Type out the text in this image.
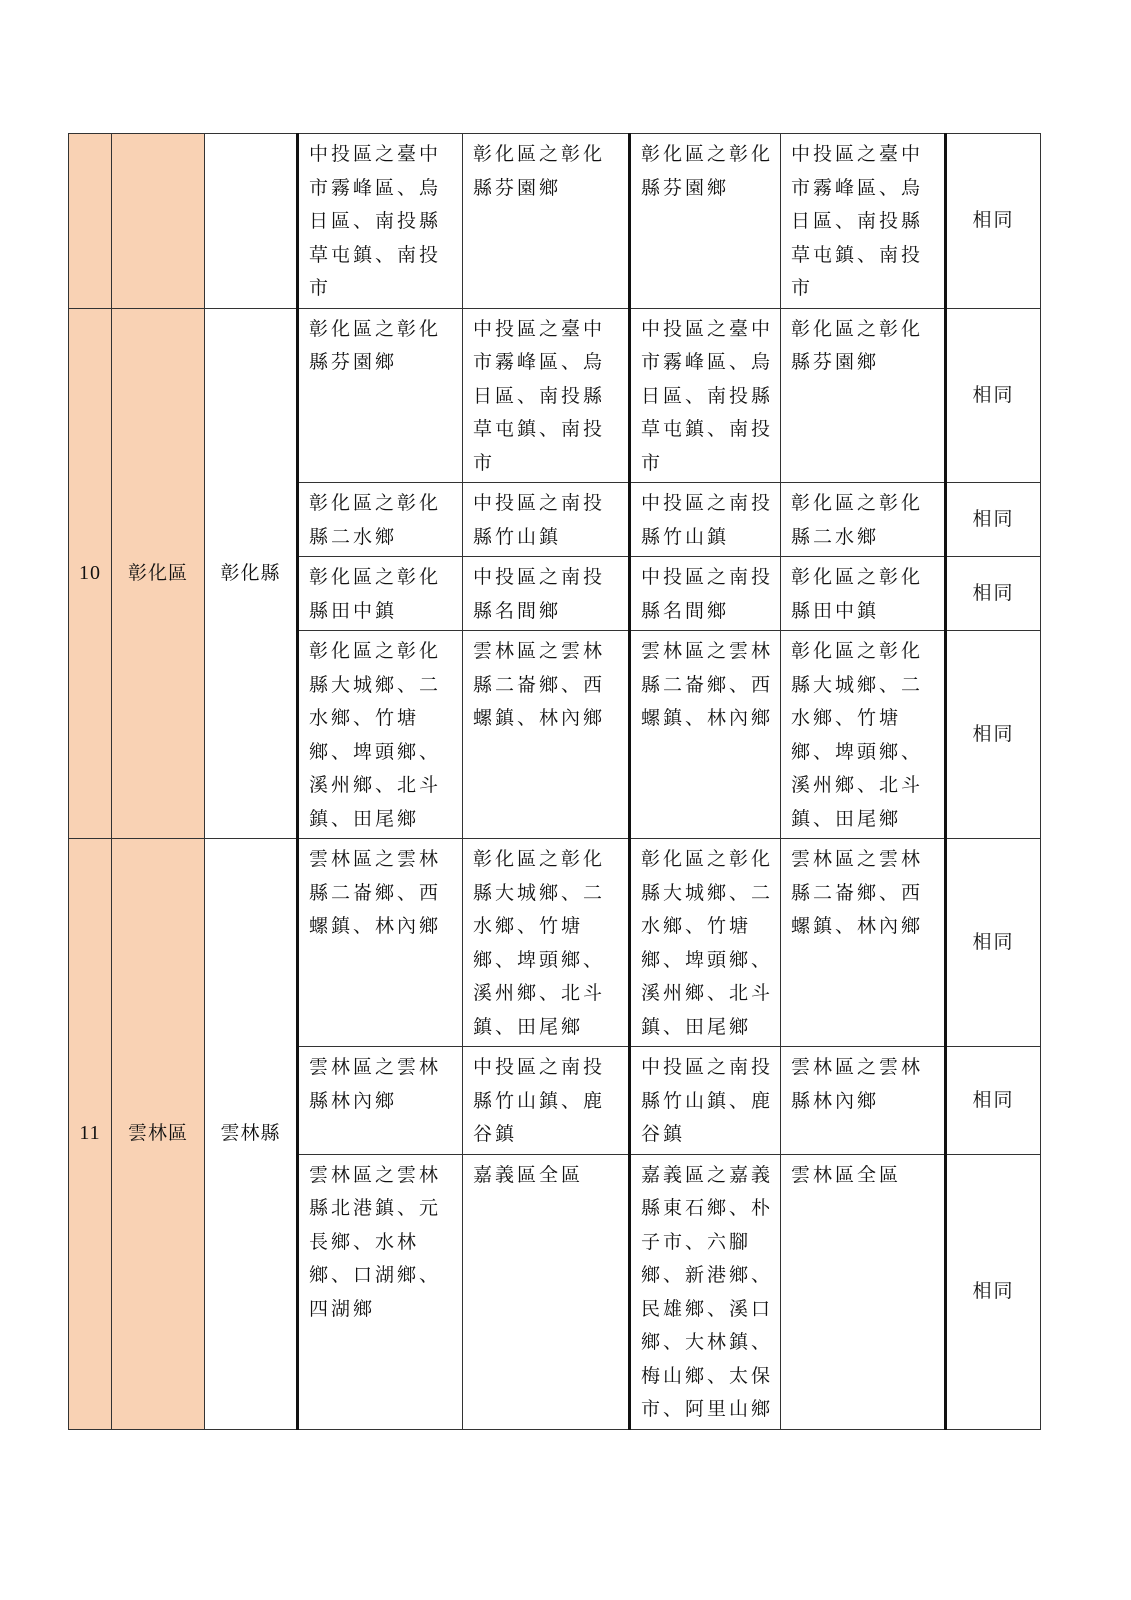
			中投區之臺中市霧峰區、烏日區、南投縣草屯鎮、南投市	彰化區之彰化縣芬園鄉	彰化區之彰化縣芬園鄉	中投區之臺中市霧峰區、烏日區、南投縣草屯鎮、南投市	相同
10	彰化區	彰化縣	彰化區之彰化縣芬園鄉	中投區之臺中市霧峰區、烏日區、南投縣草屯鎮、南投市	中投區之臺中市霧峰區、烏日區、南投縣草屯鎮、南投市	彰化區之彰化縣芬園鄉	相同
			彰化區之彰化縣二水鄉	中投區之南投縣竹山鎮	中投區之南投縣竹山鎮	彰化區之彰化縣二水鄉	相同
			彰化區之彰化縣田中鎮	中投區之南投縣名間鄉	中投區之南投縣名間鄉	彰化區之彰化縣田中鎮	相同
			彰化區之彰化縣大城鄉、二水鄉、竹塘鄉、埤頭鄉、溪州鄉、北斗鎮、田尾鄉	雲林區之雲林縣二崙鄉、西螺鎮、林內鄉	雲林區之雲林縣二崙鄉、西螺鎮、林內鄉	彰化區之彰化縣大城鄉、二水鄉、竹塘鄉、埤頭鄉、溪州鄉、北斗鎮、田尾鄉	相同
11	雲林區	雲林縣	雲林區之雲林縣二崙鄉、西螺鎮、林內鄉	彰化區之彰化縣大城鄉、二水鄉、竹塘鄉、埤頭鄉、溪州鄉、北斗鎮、田尾鄉	彰化區之彰化縣大城鄉、二水鄉、竹塘鄉、埤頭鄉、溪州鄉、北斗鎮、田尾鄉	雲林區之雲林縣二崙鄉、西螺鎮、林內鄉	相同
			雲林區之雲林縣林內鄉	中投區之南投縣竹山鎮、鹿谷鎮	中投區之南投縣竹山鎮、鹿谷鎮	雲林區之雲林縣林內鄉	相同
			雲林區之雲林縣北港鎮、元長鄉、水林鄉、口湖鄉、四湖鄉	嘉義區全區	嘉義區之嘉義縣東石鄉、朴子市、六腳鄉、新港鄉、民雄鄉、溪口鄉、大林鎮、梅山鄉、太保市、阿里山鄉	雲林區全區	相同
